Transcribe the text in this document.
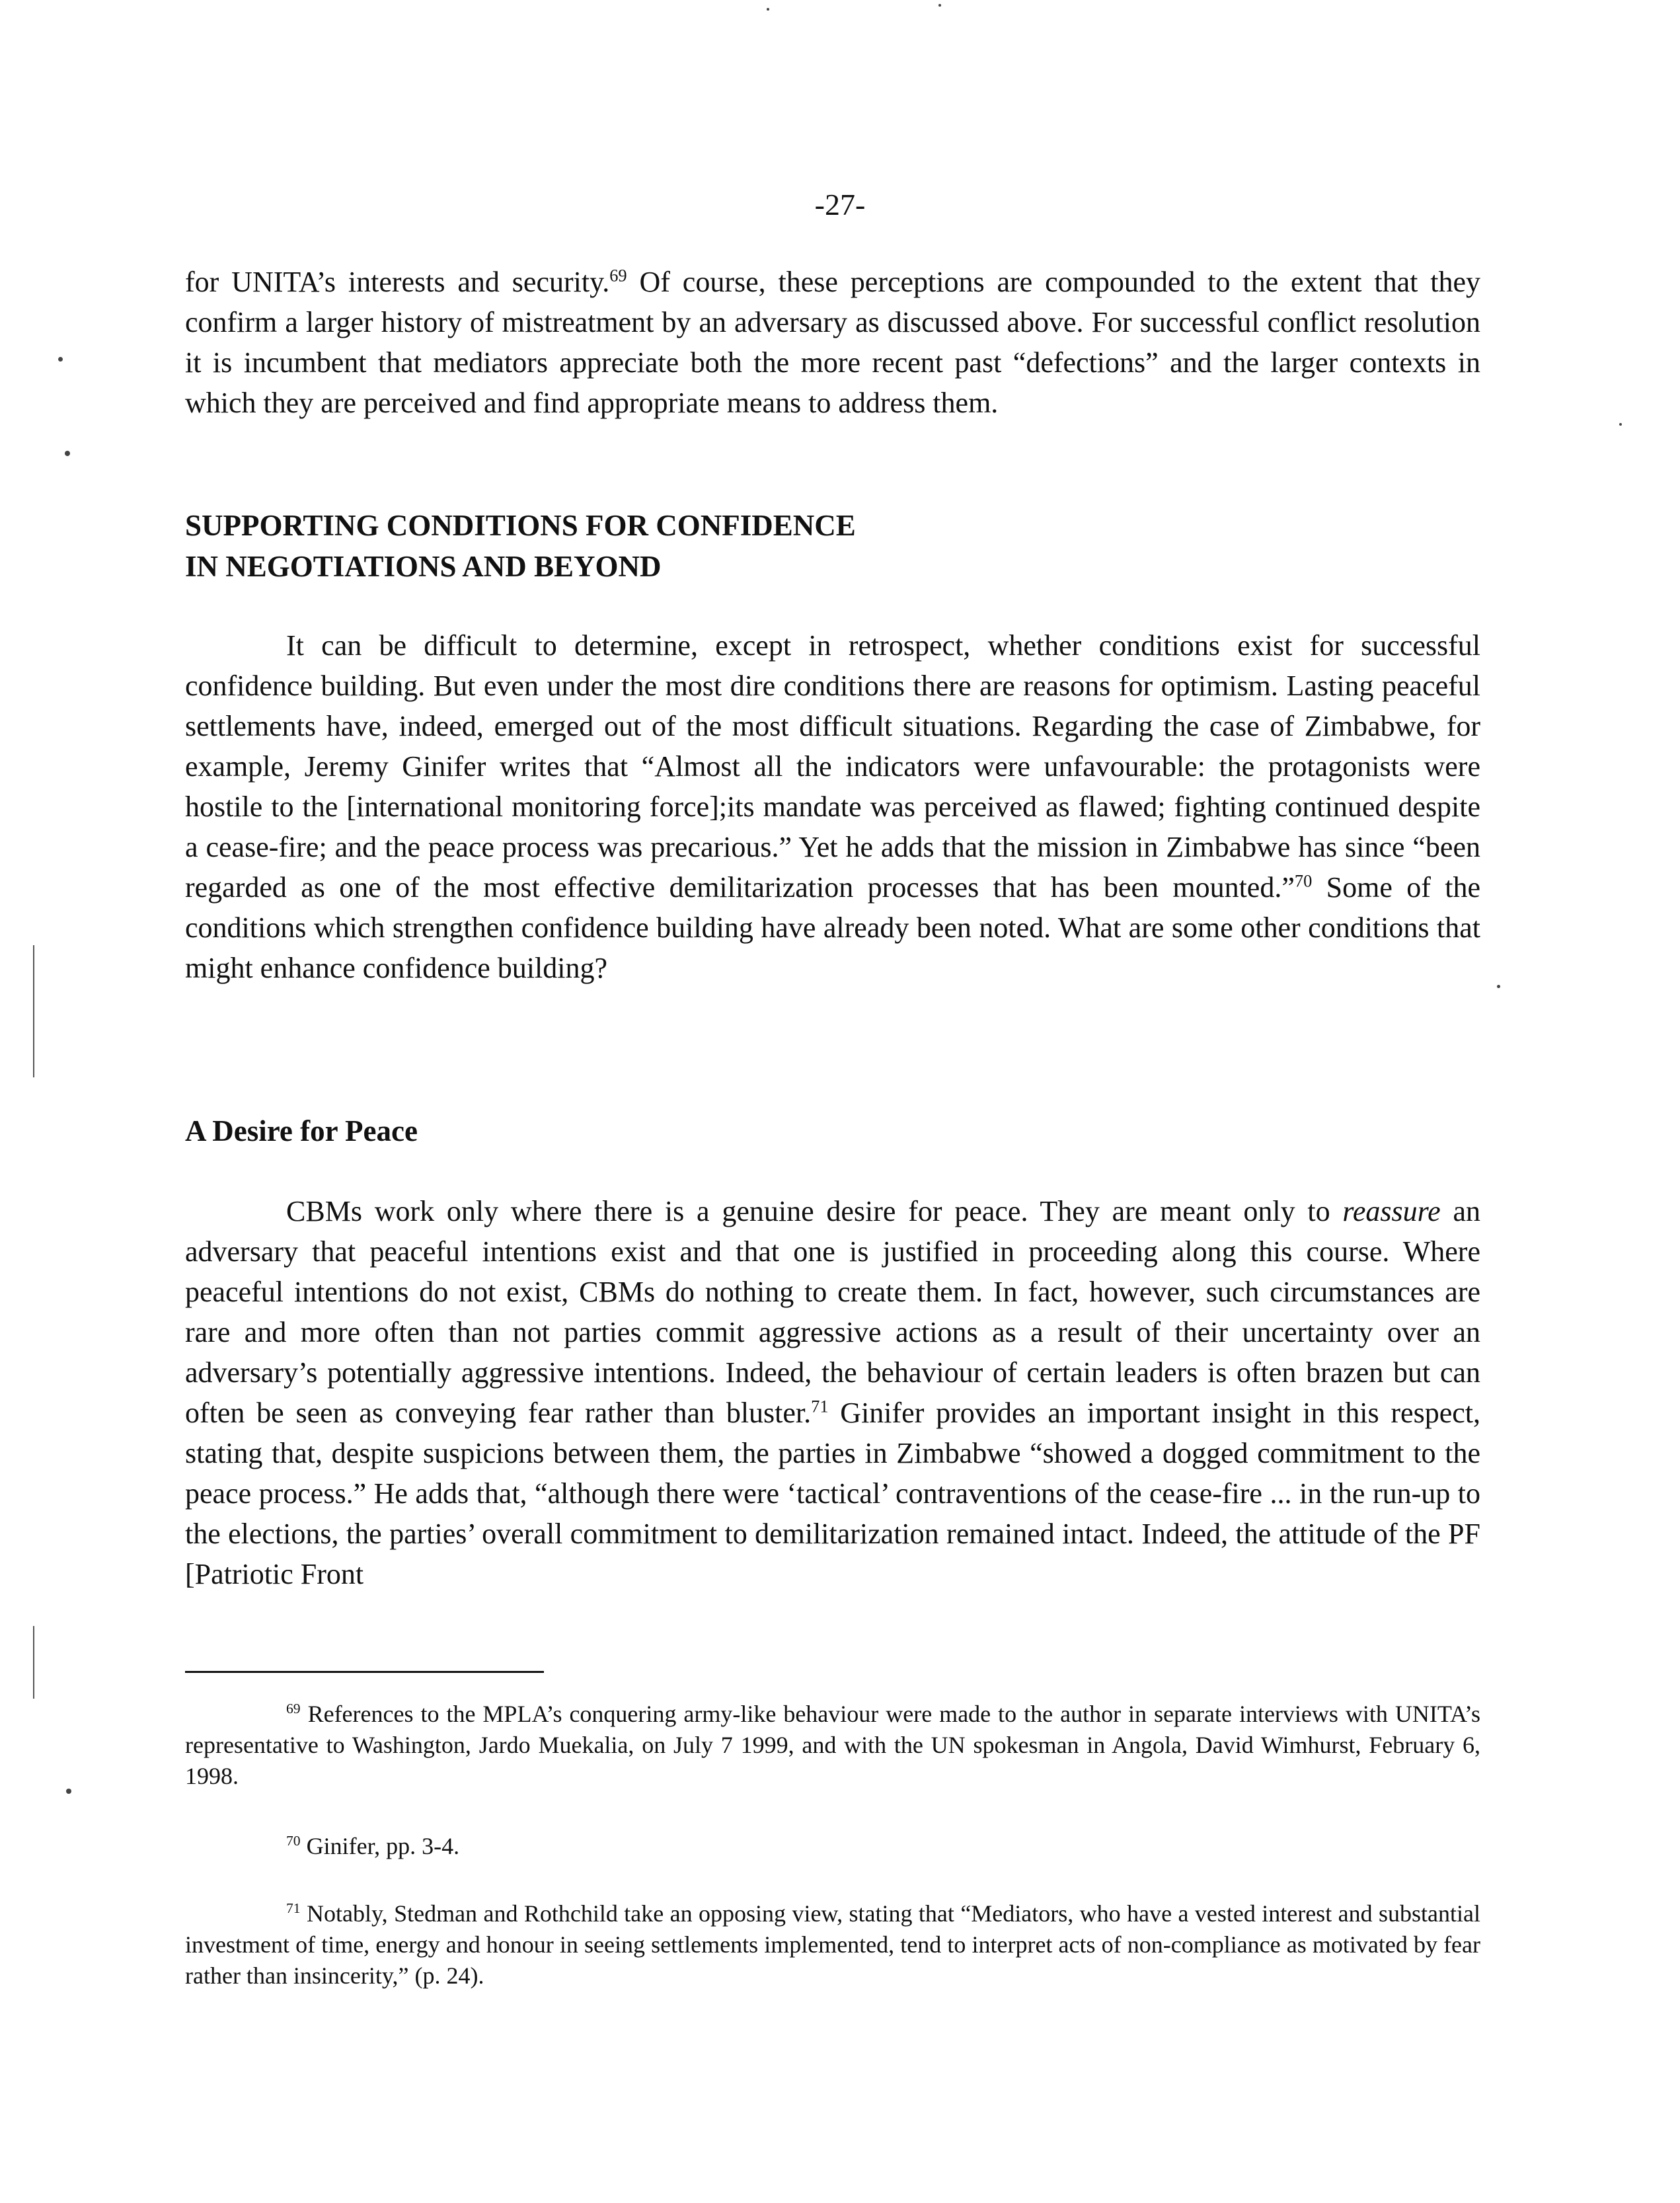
-27-

for UNITA’s interests and security.$^{69}$ Of course, these perceptions are compounded to the extent that they confirm a larger history of mistreatment by an adversary as discussed above. For successful conflict resolution it is incumbent that mediators appreciate both the more recent past “defections” and the larger contexts in which they are perceived and find appropriate means to address them.

SUPPORTING CONDITIONS FOR CONFIDENCE
IN NEGOTIATIONS AND BEYOND

It can be difficult to determine, except in retrospect, whether conditions exist for successful confidence building. But even under the most dire conditions there are reasons for optimism. Lasting peaceful settlements have, indeed, emerged out of the most difficult situations. Regarding the case of Zimbabwe, for example, Jeremy Ginifer writes that “Almost all the indicators were unfavourable: the protagonists were hostile to the [international monitoring force];its mandate was perceived as flawed; fighting continued despite a cease-fire; and the peace process was precarious.” Yet he adds that the mission in Zimbabwe has since “been regarded as one of the most effective demilitarization processes that has been mounted.”$^{70}$ Some of the conditions which strengthen confidence building have already been noted. What are some other conditions that might enhance confidence building?

A Desire for Peace

CBMs work only where there is a genuine desire for peace. They are meant only to reassure an adversary that peaceful intentions exist and that one is justified in proceeding along this course. Where peaceful intentions do not exist, CBMs do nothing to create them. In fact, however, such circumstances are rare and more often than not parties commit aggressive actions as a result of their uncertainty over an adversary’s potentially aggressive intentions. Indeed, the behaviour of certain leaders is often brazen but can often be seen as conveying fear rather than bluster.$^{71}$ Ginifer provides an important insight in this respect, stating that, despite suspicions between them, the parties in Zimbabwe “showed a dogged commitment to the peace process.” He adds that, “although there were ‘tactical’ contraventions of the cease-fire ... in the run-up to the elections, the parties’ overall commitment to demilitarization remained intact. Indeed, the attitude of the PF [Patriotic Front

$^{69}$ References to the MPLA’s conquering army-like behaviour were made to the author in separate interviews with UNITA’s representative to Washington, Jardo Muekalia, on July 7 1999, and with the UN spokesman in Angola, David Wimhurst, February 6, 1998.

$^{70}$ Ginifer, pp. 3-4.

$^{71}$ Notably, Stedman and Rothchild take an opposing view, stating that “Mediators, who have a vested interest and substantial investment of time, energy and honour in seeing settlements implemented, tend to interpret acts of non-compliance as motivated by fear rather than insincerity,” (p. 24).
